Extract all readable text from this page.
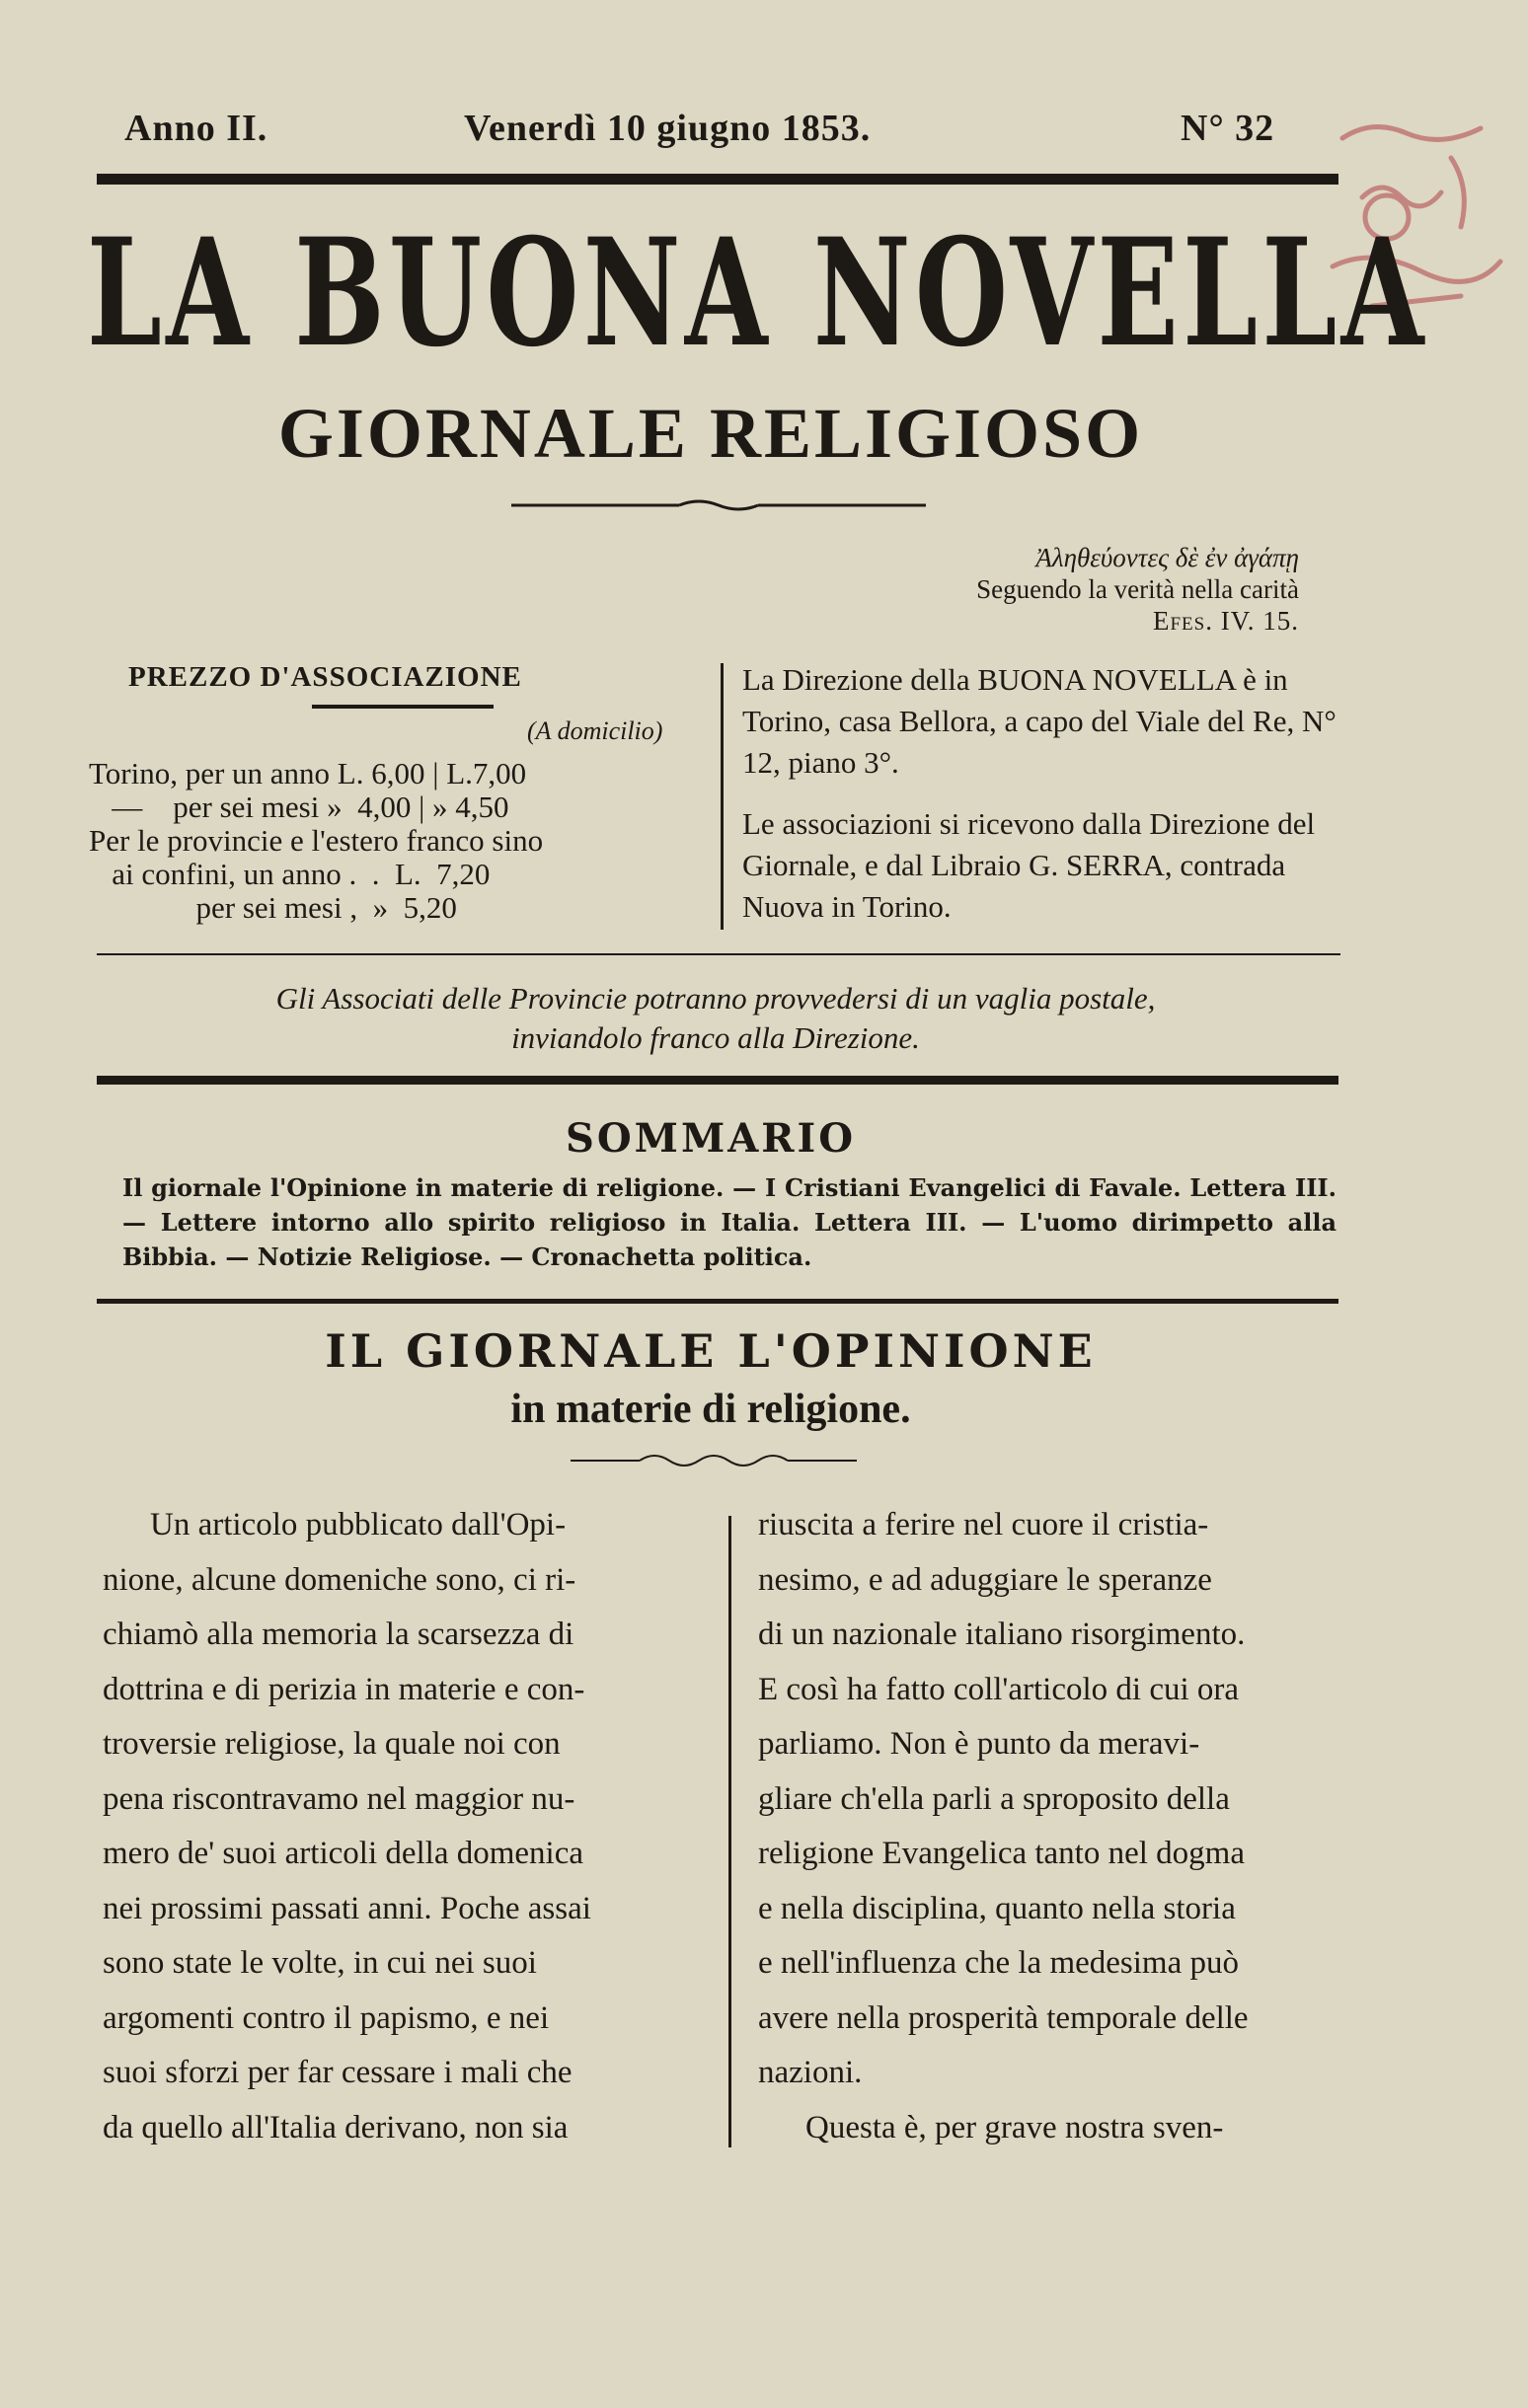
Anno II.	Venerdì 10 giugno 1853.	N° 32
LA BUONA NOVELLA
GIORNALE RELIGIOSO
Ἀληθεύοντες δὲ ἐν ἀγάπῃ
Seguendo la verità nella carità
Efes. IV. 15.
PREZZO D'ASSOCIAZIONE
(A domicilio)
Torino, per un anno L. 6,00 | L.7,00
—    per sei mesi »  4,00 | » 4,50
Per le provincie e l'estero franco sino
ai confini, un anno .  .  L.  7,20
per sei mesi ,  »  5,20
La Direzione della BUONA NOVELLA è in Torino, casa Bellora, a capo del Viale del Re, N° 12, piano 3°.
Le associazioni si ricevono dalla Direzione del Giornale, e dal Libraio G. SERRA, contrada Nuova in Torino.
Gli Associati delle Provincie potranno provvedersi di un vaglia postale,
inviandolo franco alla Direzione.
SOMMARIO
Il giornale l'Opinione in materie di religione. — I Cristiani Evangelici di Favale. Lettera III. — Lettere intorno allo spirito religioso in Italia. Lettera III. — L'uomo dirimpetto alla Bibbia. — Notizie Religiose. — Cronachetta politica.
IL GIORNALE L'OPINIONE
in materie di religione.
Un articolo pubblicato dall'Opi-
nione, alcune domeniche sono, ci ri-
chiamò alla memoria la scarsezza di
dottrina e di perizia in materie e con-
troversie religiose, la quale noi con
pena riscontravamo nel maggior nu-
mero de' suoi articoli della domenica
nei prossimi passati anni. Poche assai
sono state le volte, in cui nei suoi
argomenti contro il papismo, e nei
suoi sforzi per far cessare i mali che
da quello all'Italia derivano, non sia
riuscita a ferire nel cuore il cristia-
nesimo, e ad aduggiare le speranze
di un nazionale italiano risorgimento.
E così ha fatto coll'articolo di cui ora
parliamo. Non è punto da meravi-
gliare ch'ella parli a sproposito della
religione Evangelica tanto nel dogma
e nella disciplina, quanto nella storia
e nell'influenza che la medesima può
avere nella prosperità temporale delle
nazioni.
Questa è, per grave nostra sven-
